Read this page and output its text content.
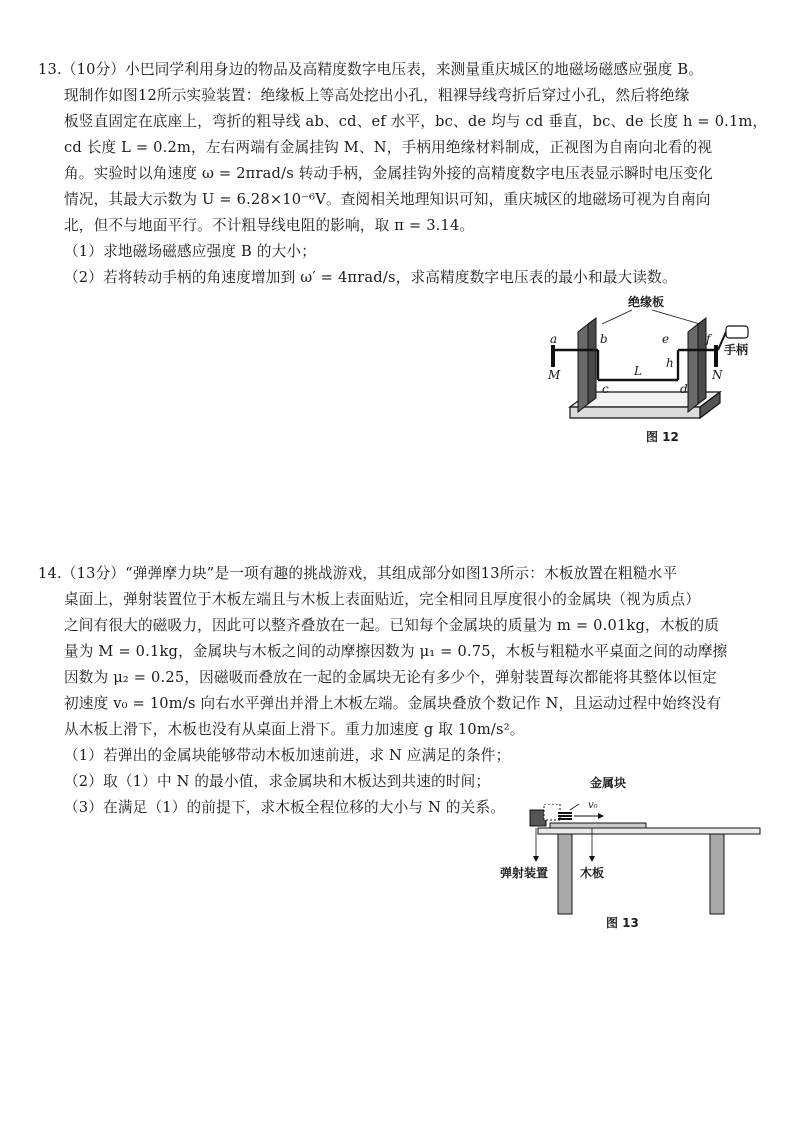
13.（10分）小巴同学利用身边的物品及高精度数字电压表，来测量重庆城区的地磁场磁感应强度 B。
现制作如图12所示实验装置：绝缘板上等高处挖出小孔，粗裸导线弯折后穿过小孔，然后将绝缘
板竖直固定在底座上，弯折的粗导线 ab、cd、ef 水平，bc、de 均与 cd 垂直，bc、de 长度 h = 0.1m，
cd 长度 L = 0.2m，左右两端有金属挂钩 M、N，手柄用绝缘材料制成，正视图为自南向北看的视
角。实验时以角速度 ω = 2πrad/s 转动手柄，金属挂钩外接的高精度数字电压表显示瞬时电压变化
情况，其最大示数为 U = 6.28×10⁻⁶V。查阅相关地理知识可知，重庆城区的地磁场可视为自南向
北，但不与地面平行。不计粗导线电阻的影响，取 π = 3.14。
（1）求地磁场磁感应强度 B 的大小；
（2）若将转动手柄的角速度增加到 ω′ = 4πrad/s，求高精度数字电压表的最小和最大读数。
绝缘板
手柄
a	b
c	d
e	f
h
L
M	N
图 12
14.（13分）“弹弹摩力块”是一项有趣的挑战游戏，其组成部分如图13所示：木板放置在粗糙水平
桌面上，弹射装置位于木板左端且与木板上表面贴近，完全相同且厚度很小的金属块（视为质点）
之间有很大的磁吸力，因此可以整齐叠放在一起。已知每个金属块的质量为 m = 0.01kg，木板的质
量为 M = 0.1kg，金属块与木板之间的动摩擦因数为 μ₁ = 0.75，木板与粗糙水平桌面之间的动摩擦
因数为 μ₂ = 0.25，因磁吸而叠放在一起的金属块无论有多少个，弹射装置每次都能将其整体以恒定
初速度 v₀ = 10m/s 向右水平弹出并滑上木板左端。金属块叠放个数记作 N，且运动过程中始终没有
从木板上滑下，木板也没有从桌面上滑下。重力加速度 g 取 10m/s²。
（1）若弹出的金属块能够带动木板加速前进，求 N 应满足的条件；
（2）取（1）中 N 的最小值，求金属块和木板达到共速的时间；
（3）在满足（1）的前提下，求木板全程位移的大小与 N 的关系。
金属块
v₀
弹射装置	木板
图 13
